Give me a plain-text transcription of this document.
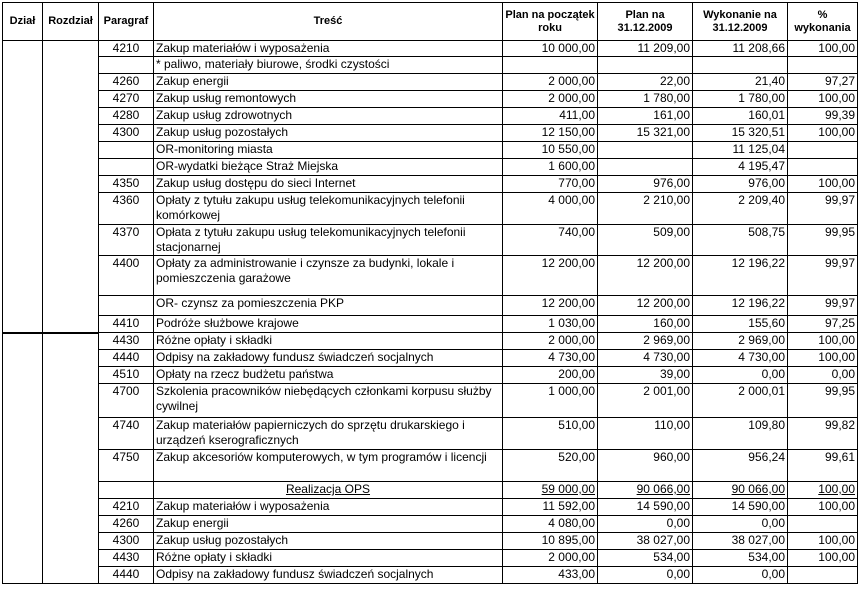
Dział	Rozdział	Paragraf	Treść	Plan na początek roku	Plan na 31.12.2009	Wykonanie na 31.12.2009	% wykonania
		4210	Zakup materiałów i wyposażenia	10 000,00	11 209,00	11 208,66	100,00
			* paliwo, materiały biurowe, środki czystości				
		4260	Zakup energii	2 000,00	22,00	21,40	97,27
		4270	Zakup usług remontowych	2 000,00	1 780,00	1 780,00	100,00
		4280	Zakup usług zdrowotnych	411,00	161,00	160,01	99,39
		4300	Zakup usług pozostałych	12 150,00	15 321,00	15 320,51	100,00
			OR-monitoring miasta	10 550,00		11 125,04	
			OR-wydatki bieżące Straż Miejska	1 600,00		4 195,47	
		4350	Zakup usług dostępu do sieci Internet	770,00	976,00	976,00	100,00
		4360	Opłaty z tytułu zakupu usług telekomunikacyjnych telefonii komórkowej	4 000,00	2 210,00	2 209,40	99,97
		4370	Opłata z tytułu zakupu usług telekomunikacyjnych telefonii stacjonarnej	740,00	509,00	508,75	99,95
		4400	Opłaty za administrowanie i czynsze za budynki, lokale i pomieszczenia garażowe	12 200,00	12 200,00	12 196,22	99,97
			OR- czynsz za pomieszczenia PKP	12 200,00	12 200,00	12 196,22	99,97
		4410	Podróże służbowe krajowe	1 030,00	160,00	155,60	97,25
		4430	Różne opłaty i składki	2 000,00	2 969,00	2 969,00	100,00
		4440	Odpisy na zakładowy fundusz świadczeń socjalnych	4 730,00	4 730,00	4 730,00	100,00
		4510	Opłaty na rzecz budżetu państwa	200,00	39,00	0,00	0,00
		4700	Szkolenia pracowników niebędących członkami korpusu służby cywilnej	1 000,00	2 001,00	2 000,01	99,95
		4740	Zakup materiałów papierniczych do sprzętu drukarskiego i urządzeń kserograficznych	510,00	110,00	109,80	99,82
		4750	Zakup akcesoriów komputerowych, w tym programów i licencji	520,00	960,00	956,24	99,61
			Realizacja OPS	59 000,00	90 066,00	90 066,00	100,00
		4210	Zakup materiałów i wyposażenia	11 592,00	14 590,00	14 590,00	100,00
		4260	Zakup energii	4 080,00	0,00	0,00	
		4300	Zakup usług pozostałych	10 895,00	38 027,00	38 027,00	100,00
		4430	Różne opłaty i składki	2 000,00	534,00	534,00	100,00
		4440	Odpisy na zakładowy fundusz świadczeń socjalnych	433,00	0,00	0,00	
